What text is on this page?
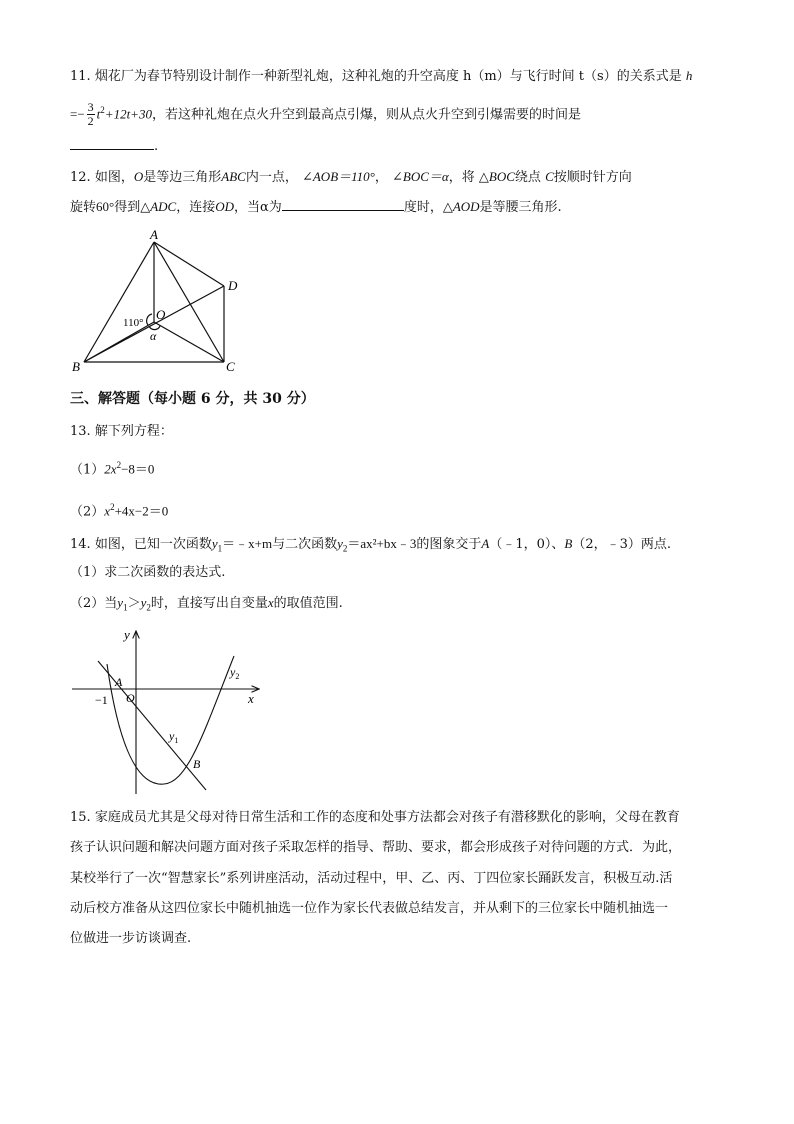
11. 烟花厂为春节特别设计制作一种新型礼炮，这种礼炮的升空高度 h（m）与飞行时间 t（s）的关系式是 h
=− $\frac{3}{2} t^2+12t+30$，若这种礼炮在点火升空到最高点引爆，则从点火升空到引爆需要的时间是
.
12. 如图，O是等边三角形ABC内一点， ∠AOB＝110°， ∠BOC＝α，将 △BOC绕点 C按顺时针方向
旋转60°得到△ADC，连接OD，当α为	度时，△AOD是等腰三角形.
A
B	C
D
O
110°
α
三、解答题（每小题 6 分，共 30 分）
13. 解下列方程：
$(1)2x^2-8=0$
$(2)x^2+4x-2=0$
14. 如图，已知一次函数$y_1=﹣x+m$与二次函数$y_2=ax^2+bx﹣3$的图象交于A（﹣1，0）、B（2，﹣3）两点.
（1）求二次函数的表达式.
（2）当$y_1>y_2$时，直接写出自变量x的取值范围.
y
x
A
O
−1
$y_1$
$y_2$
B
15. 家庭成员尤其是父母对待日常生活和工作的态度和处事方法都会对孩子有潜移默化的影响，父母在教育
孩子认识问题和解决问题方面对孩子采取怎样的指导、帮助、要求，都会形成孩子对待问题的方式．为此，
某校举行了一次“智慧家长”系列讲座活动，活动过程中，甲、乙、丙、丁四位家长踊跃发言，积极互动.活
动后校方准备从这四位家长中随机抽选一位作为家长代表做总结发言，并从剩下的三位家长中随机抽选一
位做进一步访谈调查.
